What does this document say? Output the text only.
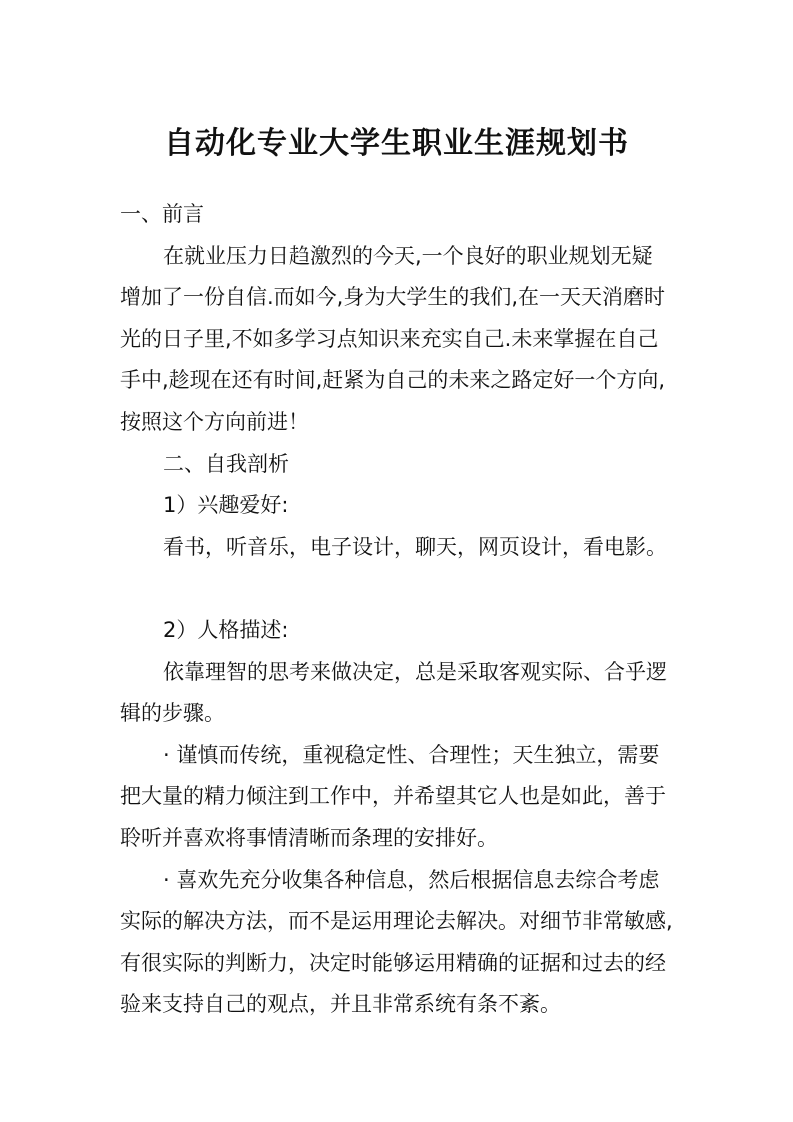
自动化专业大学生职业生涯规划书
一、前言
在就业压力日趋激烈的今天,一个良好的职业规划无疑
增加了一份自信.而如今,身为大学生的我们,在一天天消磨时
光的日子里,不如多学习点知识来充实自己.未来掌握在自己
手中,趁现在还有时间,赶紧为自己的未来之路定好一个方向,
按照这个方向前进！
二、自我剖析
1）兴趣爱好:
看书，听音乐，电子设计，聊天，网页设计，看电影。
2）人格描述:
依靠理智的思考来做决定，总是采取客观实际、合乎逻
辑的步骤。
· 谨慎而传统，重视稳定性、合理性；天生独立，需要
把大量的精力倾注到工作中，并希望其它人也是如此，善于
聆听并喜欢将事情清晰而条理的安排好。
· 喜欢先充分收集各种信息，然后根据信息去综合考虑
实际的解决方法，而不是运用理论去解决。对细节非常敏感,
有很实际的判断力，决定时能够运用精确的证据和过去的经
验来支持自己的观点，并且非常系统有条不紊。
